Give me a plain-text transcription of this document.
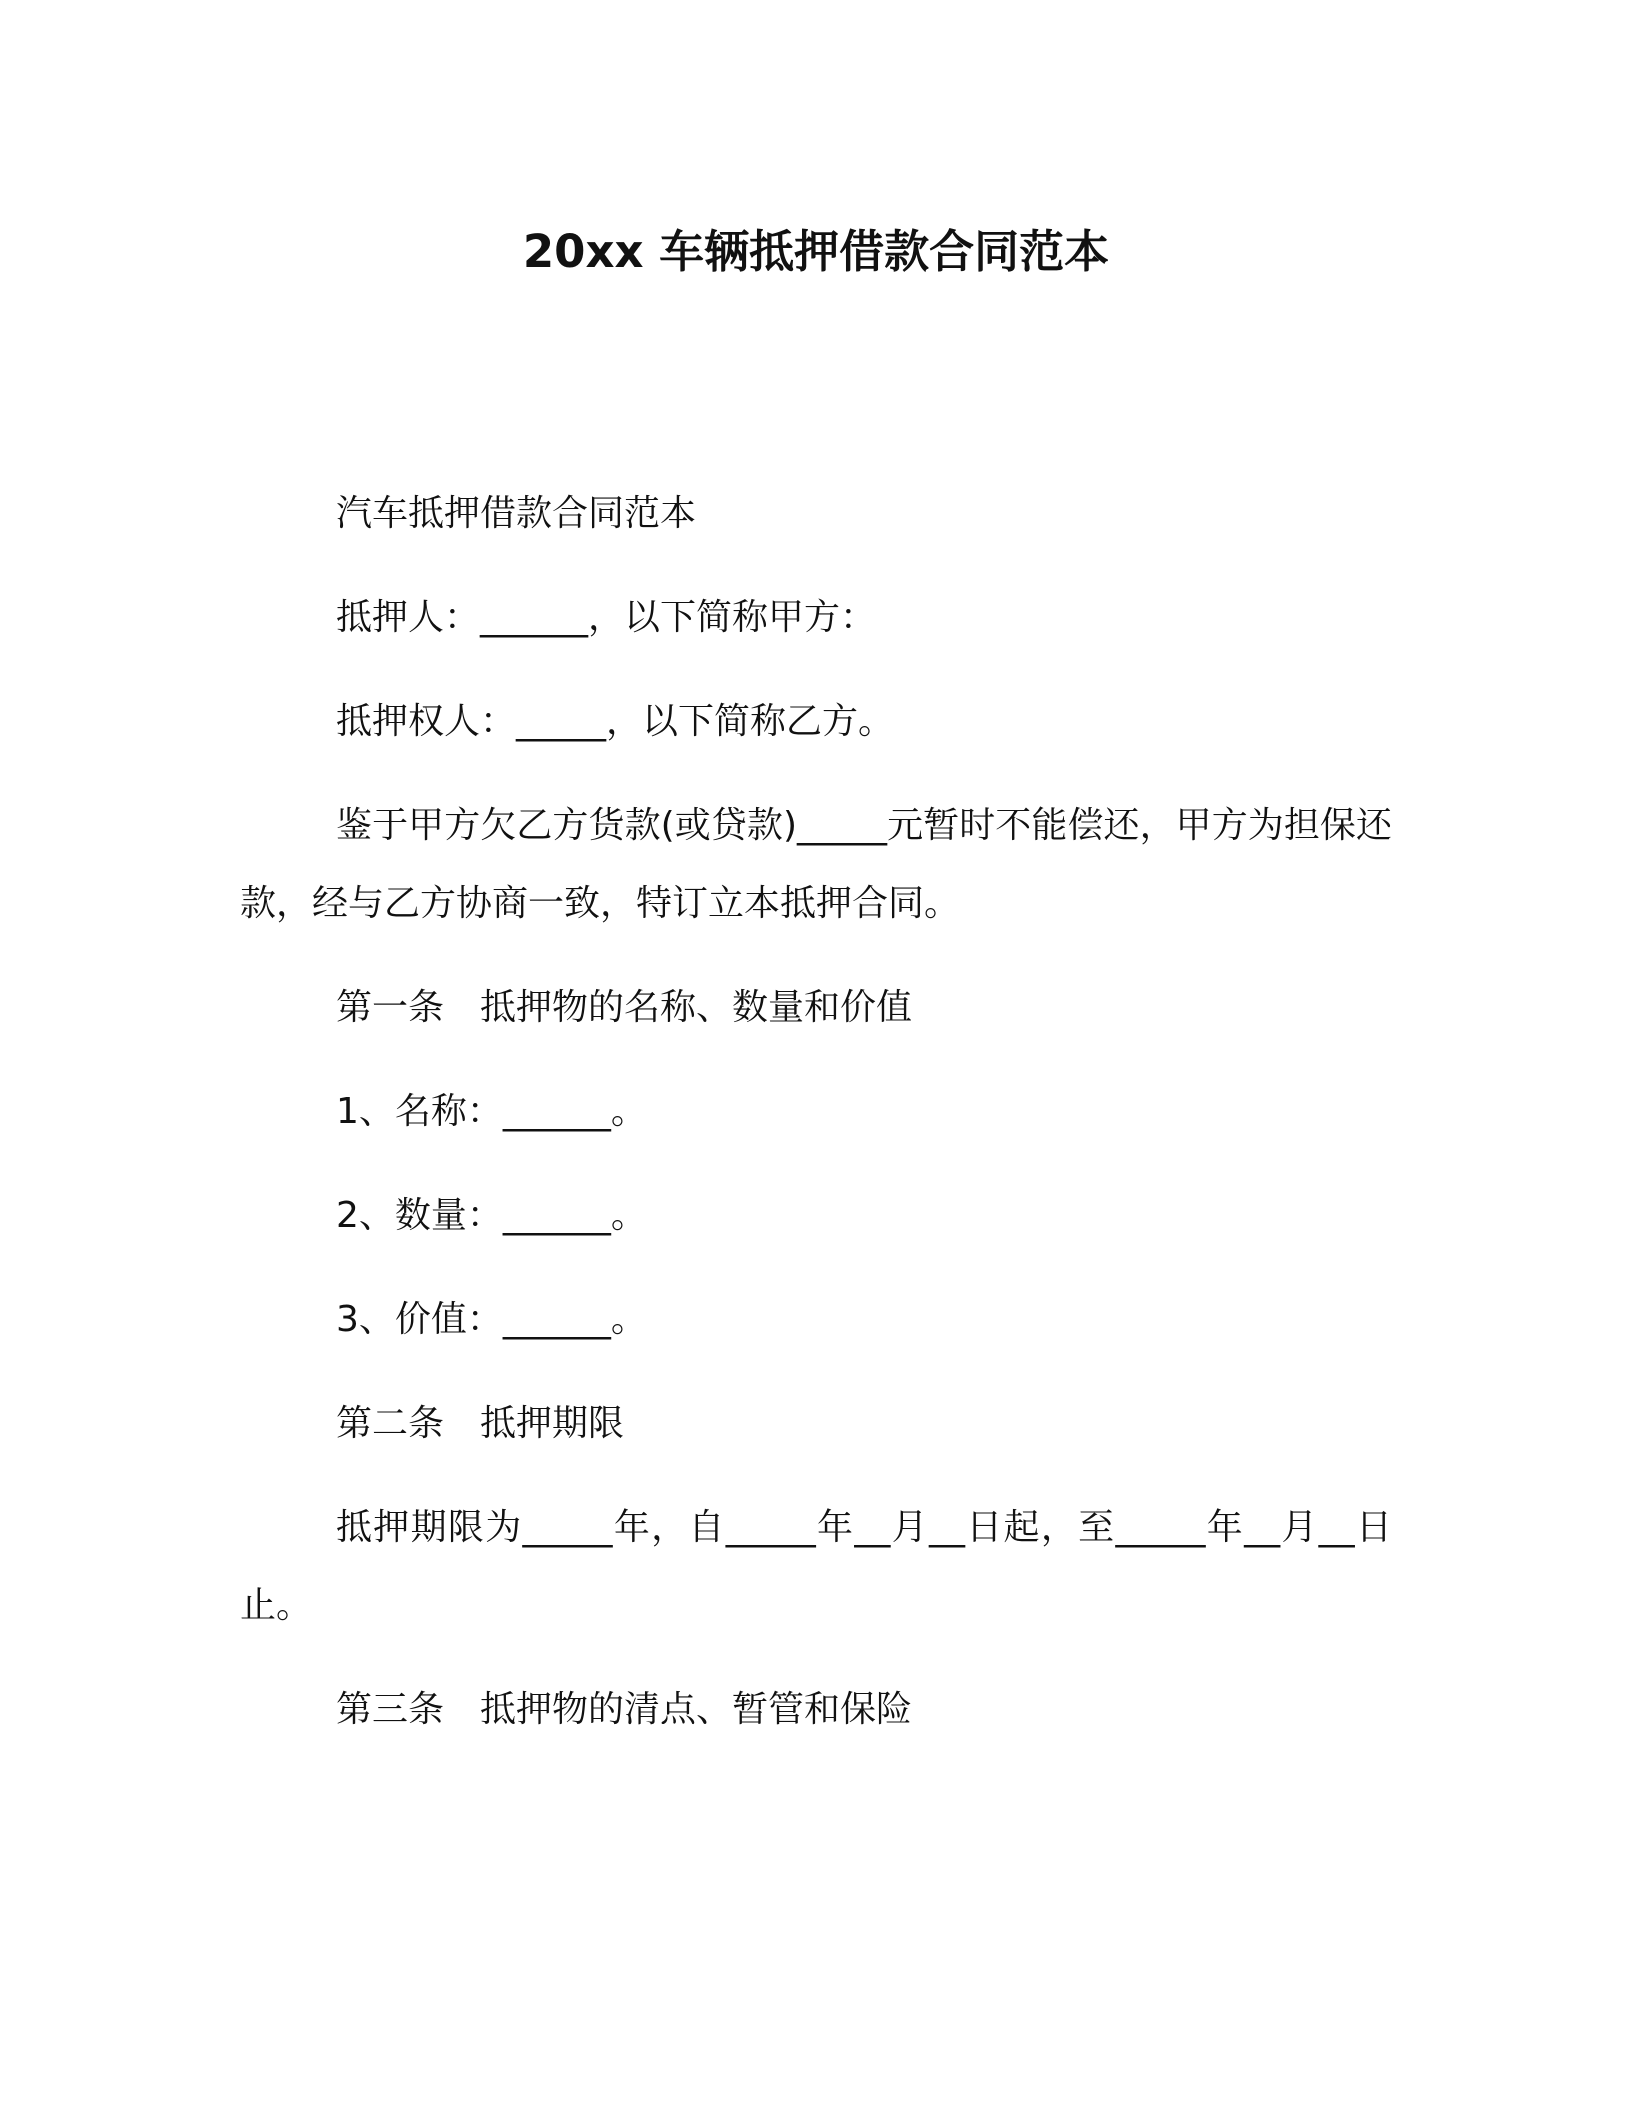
20xx 车辆抵押借款合同范本

汽车抵押借款合同范本

抵押人：______，以下简称甲方：

抵押权人：_____，以下简称乙方。

鉴于甲方欠乙方货款(或贷款)_____元暂时不能偿还，甲方为担保还款，经与乙方协商一致，特订立本抵押合同。

第一条　抵押物的名称、数量和价值

1、名称：______。

2、数量：______。

3、价值：______。

第二条　抵押期限

抵押期限为_____年，自_____年__月__日起，至_____年__月__日止。

第三条　抵押物的清点、暂管和保险
